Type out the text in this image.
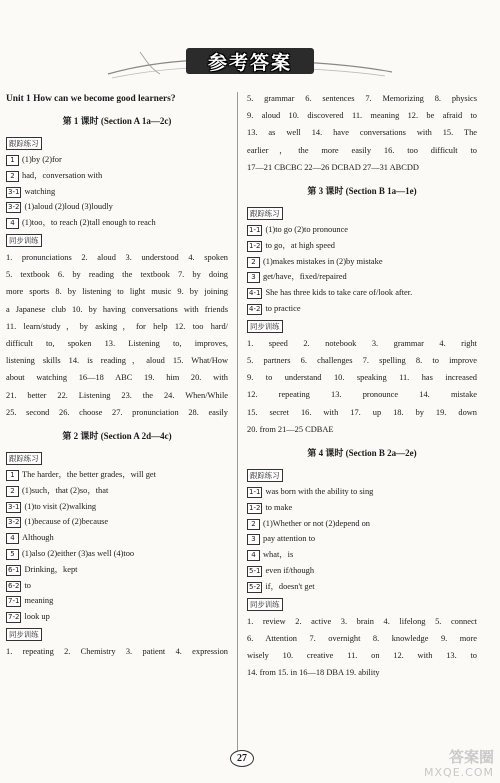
参考答案
Unit 1 How can we become good learners?
第 1 课时 (Section A 1a—2c)
跟踪练习
1 (1)by (2)for
2 had，conversation with
3-1 watching
3-2 (1)aloud (2)loud (3)loudly
4 (1)too，to reach (2)tall enough to reach
同步训练
1. pronunciations 2. aloud 3. understood 4. spoken
5. textbook 6. by reading the textbook 7. by doing
more sports 8. by listening to light music 9. by joining
a Japanese club 10. by having conversations with friends
11. learn/study，by asking，for help 12. too hard/
difficult to, spoken 13. Listening to, improves,
listening skills 14. is reading，aloud 15. What/How
about watching 16—18 ABC 19. him 20. with
21. better 22. Listening 23. the 24. When/While
25. second 26. choose 27. pronunciation 28. easily
第 2 课时 (Section A 2d—4c)
跟踪练习
1 The harder，the better grades，will get
2 (1)such，that (2)so，that
3-1 (1)to visit (2)walking
3-2 (1)because of (2)because
4 Although
5 (1)also (2)either (3)as well (4)too
6-1 Drinking，kept
6-2 to
7-1 meaning
7-2 look up
同步训练
1. repeating 2. Chemistry 3. patient 4. expression
5. grammar 6. sentences 7. Memorizing 8. physics
9. aloud 10. discovered 11. meaning 12. be afraid to
13. as well 14. have conversations with 15. The
earlier，the more easily 16. too difficult to
17—21 CBCBC 22—26 DCBAD 27—31 ABCDD
第 3 课时 (Section B 1a—1e)
跟踪练习
1-1 (1)to go (2)to pronounce
1-2 to go，at high speed
2 (1)makes mistakes in (2)by mistake
3 get/have，fixed/repaired
4-1 She has three kids to take care of/look after.
4-2 to practice
同步训练
1. speed 2. notebook 3. grammar 4. right
5. partners 6. challenges 7. spelling 8. to improve
9. to understand 10. speaking 11. has increased
12. repeating 13. pronounce 14. mistake
15. secret 16. with 17. up 18. by 19. down
20. from 21—25 CDBAE
第 4 课时 (Section B 2a—2e)
跟踪练习
1-1 was born with the ability to sing
1-2 to make
2 (1)Whether or not (2)depend on
3 pay attention to
4 what，is
5-1 even if/though
5-2 if，doesn't get
同步训练
1. review 2. active 3. brain 4. lifelong 5. connect
6. Attention 7. overnight 8. knowledge 9. more
wisely 10. creative 11. on 12. with 13. to
14. from 15. in 16—18 DBA 19. ability
27	答案圈
MXQE.COM
